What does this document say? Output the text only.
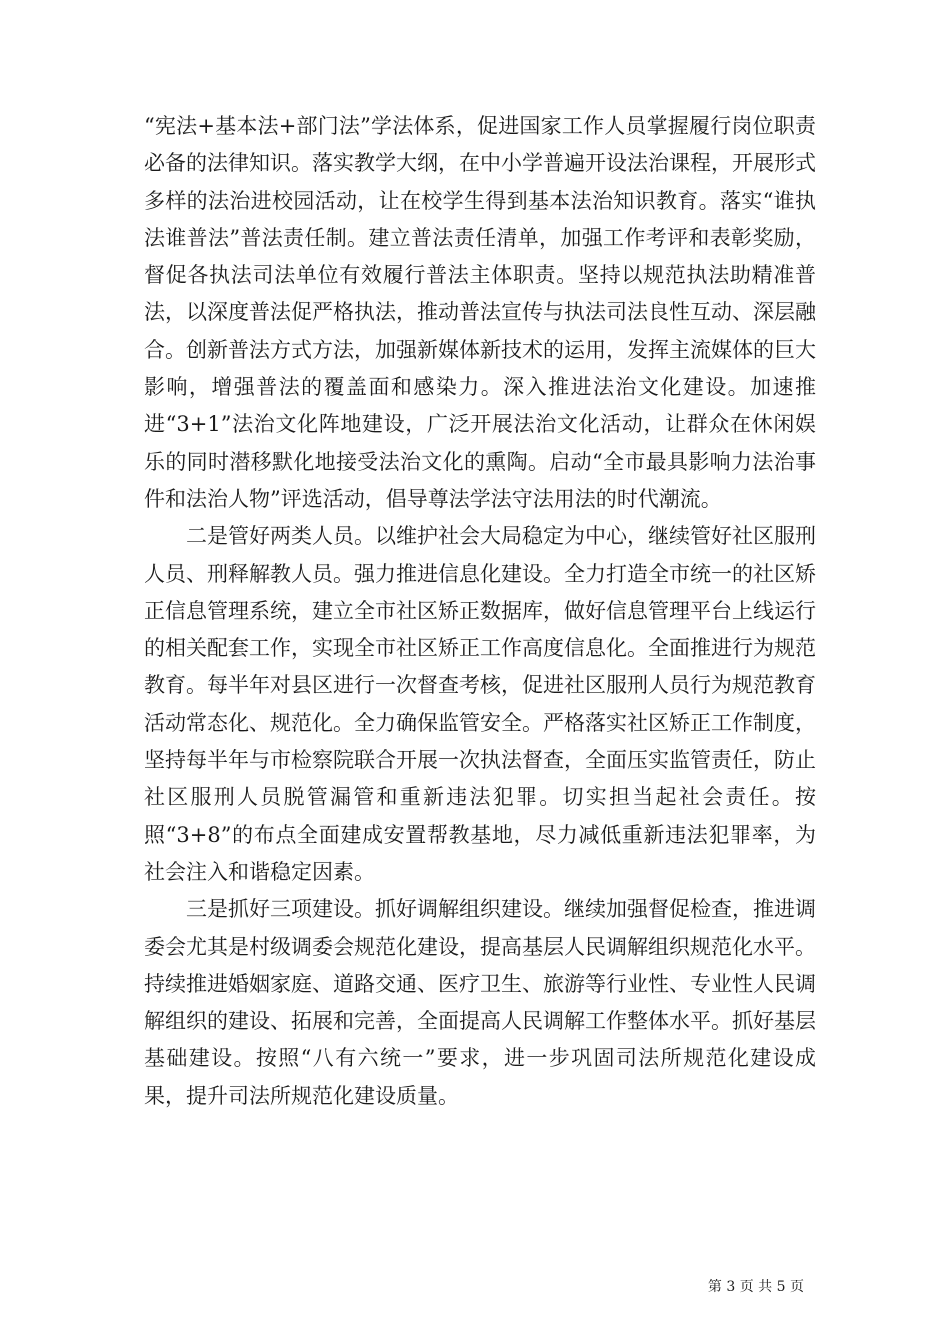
“宪法+基本法+部门法”学法体系，促进国家工作人员掌握履行岗位职责必备的法律知识。落实教学大纲，在中小学普遍开设法治课程，开展形式多样的法治进校园活动，让在校学生得到基本法治知识教育。落实“谁执法谁普法”普法责任制。建立普法责任清单，加强工作考评和表彰奖励，督促各执法司法单位有效履行普法主体职责。坚持以规范执法助精准普法，以深度普法促严格执法，推动普法宣传与执法司法良性互动、深层融合。创新普法方式方法，加强新媒体新技术的运用，发挥主流媒体的巨大影响，增强普法的覆盖面和感染力。深入推进法治文化建设。加速推进“3+1”法治文化阵地建设，广泛开展法治文化活动，让群众在休闲娱乐的同时潜移默化地接受法治文化的熏陶。启动“全市最具影响力法治事件和法治人物”评选活动，倡导尊法学法守法用法的时代潮流。

二是管好两类人员。以维护社会大局稳定为中心，继续管好社区服刑人员、刑释解教人员。强力推进信息化建设。全力打造全市统一的社区矫正信息管理系统，建立全市社区矫正数据库，做好信息管理平台上线运行的相关配套工作，实现全市社区矫正工作高度信息化。全面推进行为规范教育。每半年对县区进行一次督查考核，促进社区服刑人员行为规范教育活动常态化、规范化。全力确保监管安全。严格落实社区矫正工作制度，坚持每半年与市检察院联合开展一次执法督查，全面压实监管责任，防止社区服刑人员脱管漏管和重新违法犯罪。切实担当起社会责任。按照“3+8”的布点全面建成安置帮教基地，尽力减低重新违法犯罪率，为社会注入和谐稳定因素。

三是抓好三项建设。抓好调解组织建设。继续加强督促检查，推进调委会尤其是村级调委会规范化建设，提高基层人民调解组织规范化水平。持续推进婚姻家庭、道路交通、医疗卫生、旅游等行业性、专业性人民调解组织的建设、拓展和完善，全面提高人民调解工作整体水平。抓好基层基础建设。按照“八有六统一”要求，进一步巩固司法所规范化建设成果，提升司法所规范化建设质量。

第 3 页 共 5 页
